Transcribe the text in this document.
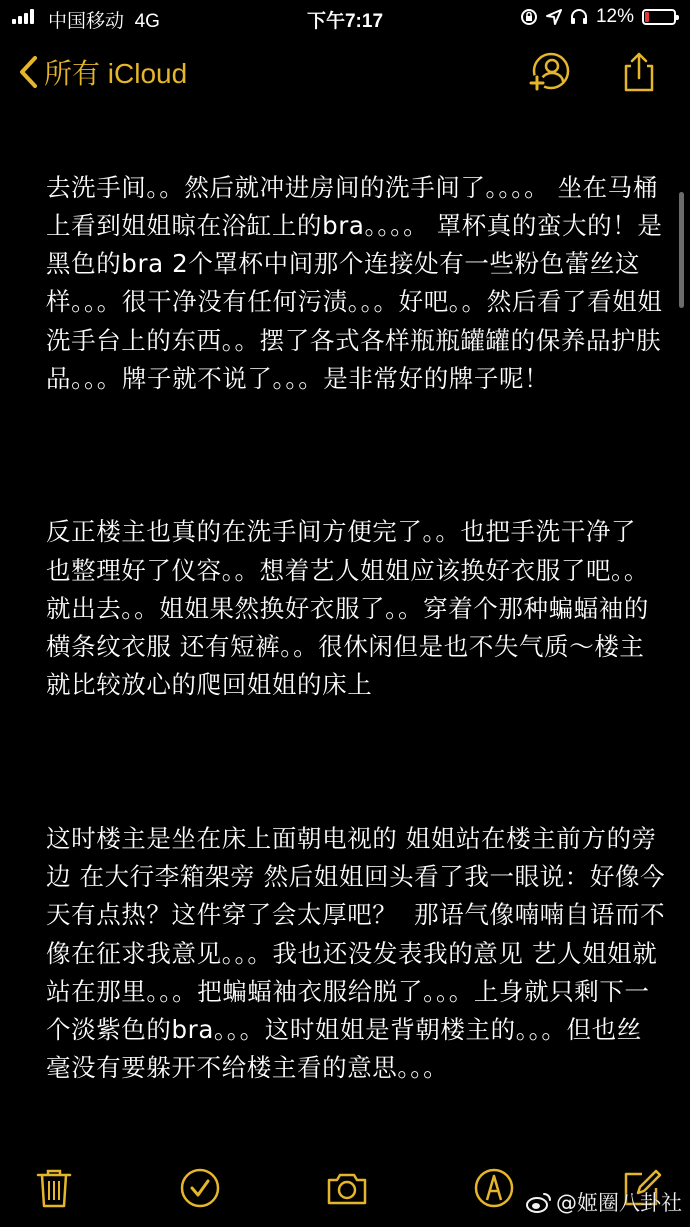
中国移动 4G	下午7:17	12%
所有 iCloud

去洗手间。。然后就冲进房间的洗手间了。。。。 坐在马桶上看到姐姐晾在浴缸上的bra。。。。 罩杯真的蛮大的！是黑色的bra 2个罩杯中间那个连接处有一些粉色蕾丝这样。。。很干净没有任何污渍。。。好吧。。然后看了看姐姐洗手台上的东西。。摆了各式各样瓶瓶罐罐的保养品护肤品。。。牌子就不说了。。。是非常好的牌子呢！

反正楼主也真的在洗手间方便完了。。也把手洗干净了 也整理好了仪容。。想着艺人姐姐应该换好衣服了吧。。就出去。。姐姐果然换好衣服了。。穿着个那种蝙蝠袖的横条纹衣服 还有短裤。。很休闲但是也不失气质～楼主就比较放心的爬回姐姐的床上

这时楼主是坐在床上面朝电视的 姐姐站在楼主前方的旁边 在大行李箱架旁 然后姐姐回头看了我一眼说：好像今天有点热？这件穿了会太厚吧？  那语气像喃喃自语而不像在征求我意见。。。我也还没发表我的意见 艺人姐姐就站在那里。。。把蝙蝠袖衣服给脱了。。。上身就只剩下一个淡紫色的bra。。。这时姐姐是背朝楼主的。。。但也丝毫没有要躲开不给楼主看的意思。。。

@姬圈八卦社
